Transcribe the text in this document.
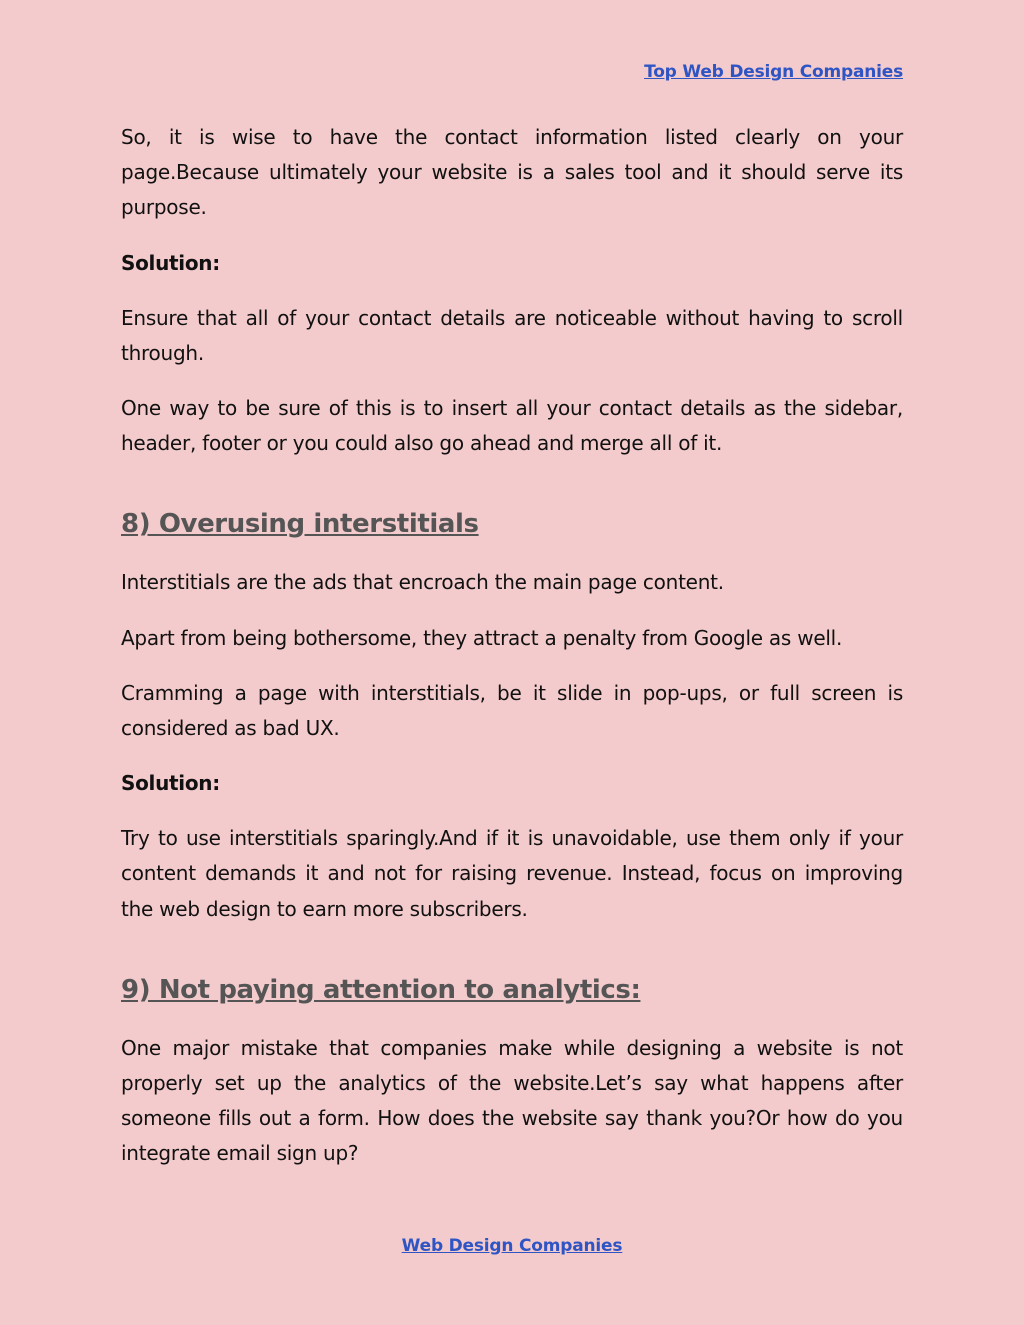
Top Web Design Companies

So, it is wise to have the contact information listed clearly on your page.Because ultimately your website is a sales tool and it should serve its purpose.

Solution:

Ensure that all of your contact details are noticeable without having to scroll through.

One way to be sure of this is to insert all your contact details as the sidebar, header, footer or you could also go ahead and merge all of it.

8) Overusing interstitials

Interstitials are the ads that encroach the main page content.

Apart from being bothersome, they attract a penalty from Google as well.

Cramming a page with interstitials, be it slide in pop-ups, or full screen is considered as bad UX.

Solution:

Try to use interstitials sparingly.And if it is unavoidable, use them only if your content demands it and not for raising revenue. Instead, focus on improving the web design to earn more subscribers.

9) Not paying attention to analytics:

One major mistake that companies make while designing a website is not properly set up the analytics of the website.Let’s say what happens after someone fills out a form. How does the website say thank you?Or how do you integrate email sign up?

Web Design Companies
